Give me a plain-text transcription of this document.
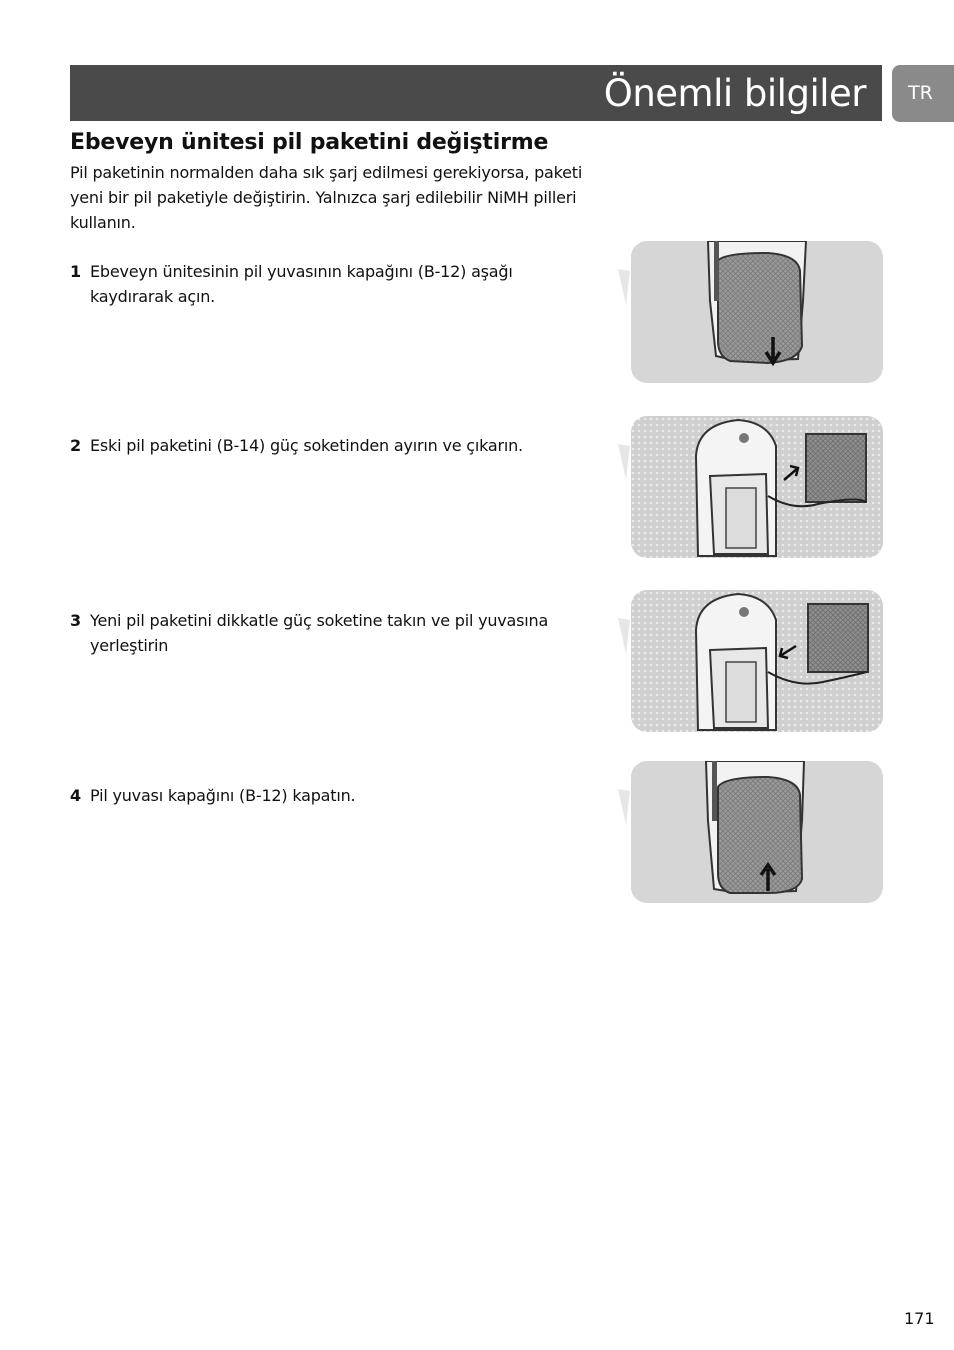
Önemli bilgiler	TR
Ebeveyn ünitesi pil paketini değiştirme

Pil paketinin normalden daha sık şarj edilmesi gerekiyorsa, paketi yeni bir pil paketiyle değiştirin. Yalnızca şarj edilebilir NiMH pilleri kullanın.

1 Ebeveyn ünitesinin pil yuvasının kapağını (B-12) aşağı kaydırarak açın.
2 Eski pil paketini (B-14) güç soketinden ayırın ve çıkarın.
3 Yeni pil paketini dikkatle güç soketine takın ve pil yuvasına yerleştirin
4 Pil yuvası kapağını (B-12) kapatın.
171
